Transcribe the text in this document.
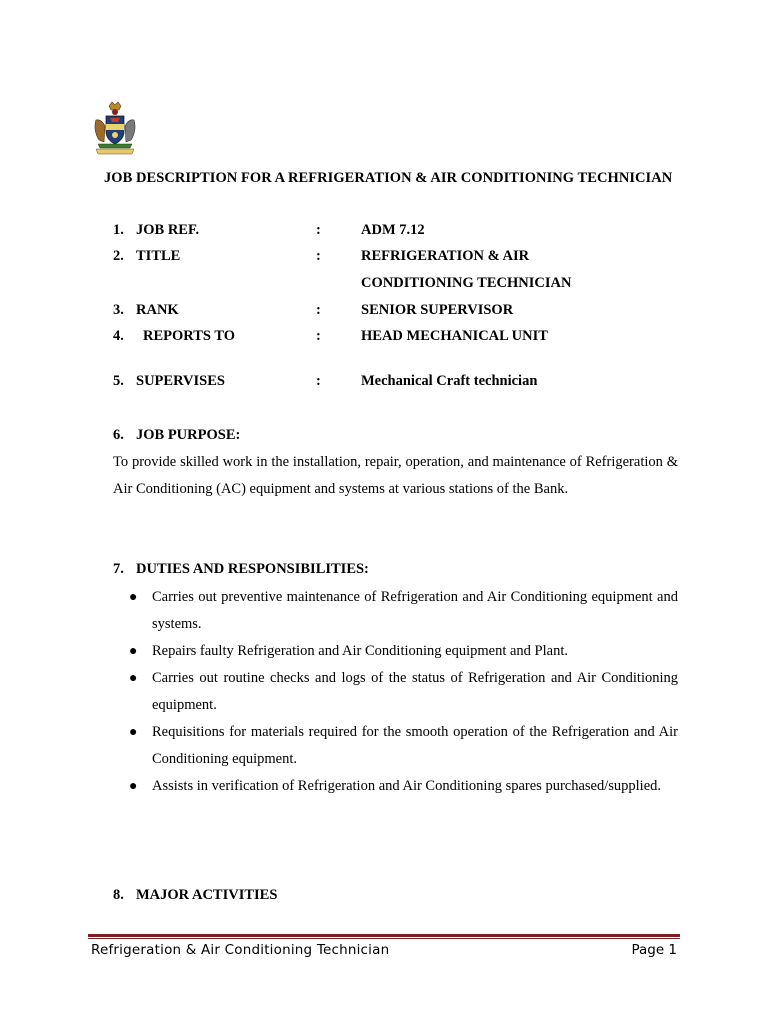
JOB DESCRIPTION FOR A REFRIGERATION & AIR CONDITIONING TECHNICIAN
1. JOB REF.	:	ADM 7.12
2. TITLE	:	REFRIGERATION & AIR
CONDITIONING TECHNICIAN
3. RANK	:	SENIOR SUPERVISOR
4. REPORTS TO	:	HEAD MECHANICAL UNIT
5. SUPERVISES	:	Mechanical Craft technician
6. JOB PURPOSE:
To provide skilled work in the installation, repair, operation, and maintenance of Refrigeration & Air Conditioning (AC) equipment and systems at various stations of the Bank.
7. DUTIES AND RESPONSIBILITIES:
● Carries out preventive maintenance of Refrigeration and Air Conditioning equipment and systems.
● Repairs faulty Refrigeration and Air Conditioning equipment and Plant.
● Carries out routine checks and logs of the status of Refrigeration and Air Conditioning equipment.
● Requisitions for materials required for the smooth operation of the Refrigeration and Air Conditioning equipment.
● Assists in verification of Refrigeration and Air Conditioning spares purchased/supplied.
8. MAJOR ACTIVITIES
Refrigeration & Air Conditioning Technician	Page 1
